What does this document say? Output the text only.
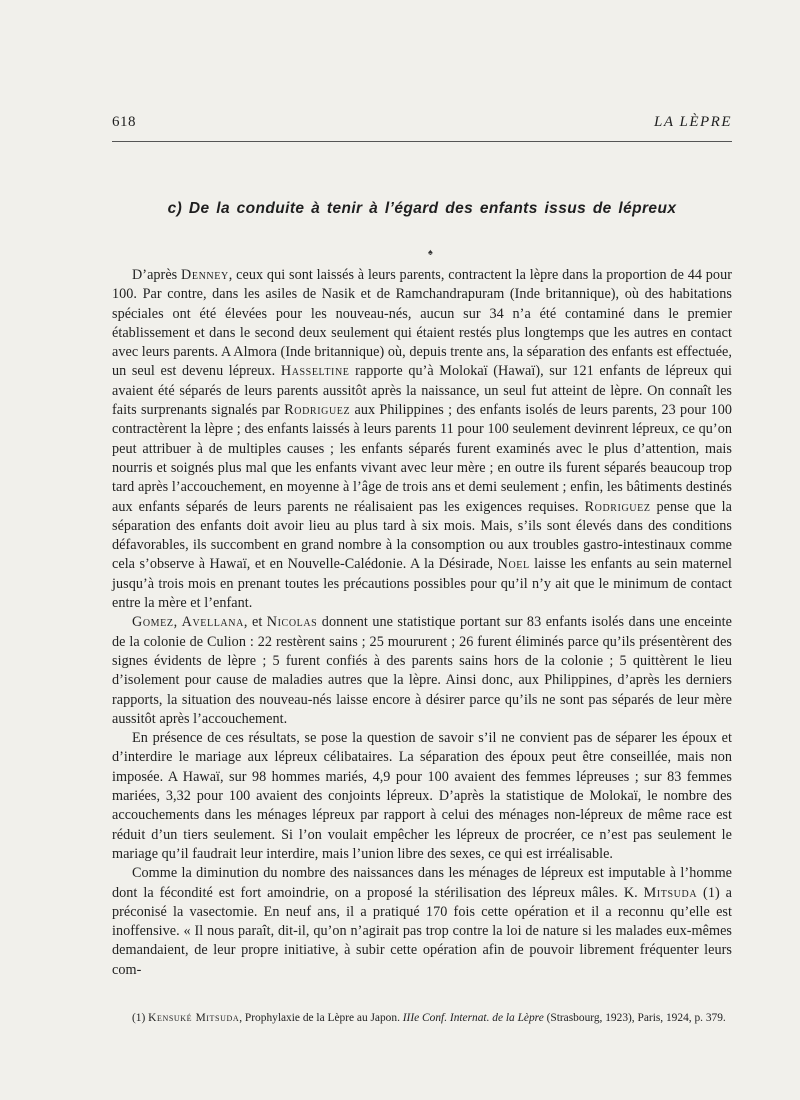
618	LA LÈPRE
c) De la conduite à tenir à l’égard des enfants issus de lépreux
♠

D’après Denney, ceux qui sont laissés à leurs parents, contractent la lèpre dans la proportion de 44 pour 100. Par contre, dans les asiles de Nasik et de Ramchandrapuram (Inde britannique), où des habitations spéciales ont été élevées pour les nouveau-nés, aucun sur 34 n’a été contaminé dans le premier établissement et dans le second deux seulement qui étaient restés plus longtemps que les autres en contact avec leurs parents. A Almora (Inde britannique) où, depuis trente ans, la séparation des enfants est effectuée, un seul est devenu lépreux. Hasseltine rapporte qu’à Molokaï (Hawaï), sur 121 enfants de lépreux qui avaient été séparés de leurs parents aussitôt après la naissance, un seul fut atteint de lèpre. On connaît les faits surprenants signalés par Rodriguez aux Philippines ; des enfants isolés de leurs parents, 23 pour 100 contractèrent la lèpre ; des enfants laissés à leurs parents 11 pour 100 seulement devinrent lépreux, ce qu’on peut attribuer à de multiples causes ; les enfants séparés furent examinés avec le plus d’attention, mais nourris et soignés plus mal que les enfants vivant avec leur mère ; en outre ils furent séparés beaucoup trop tard après l’accouchement, en moyenne à l’âge de trois ans et demi seulement ; enfin, les bâtiments destinés aux enfants séparés de leurs parents ne réalisaient pas les exigences requises. Rodriguez pense que la séparation des enfants doit avoir lieu au plus tard à six mois. Mais, s’ils sont élevés dans des conditions défavorables, ils succombent en grand nombre à la consomption ou aux troubles gastro-intestinaux comme cela s’observe à Hawaï, et en Nouvelle-Calédonie. A la Désirade, Noel laisse les enfants au sein maternel jusqu’à trois mois en prenant toutes les précautions possibles pour qu’il n’y ait que le minimum de contact entre la mère et l’enfant.

Gomez, Avellana, et Nicolas donnent une statistique portant sur 83 enfants isolés dans une enceinte de la colonie de Culion : 22 restèrent sains ; 25 moururent ; 26 furent éliminés parce qu’ils présentèrent des signes évidents de lèpre ; 5 furent confiés à des parents sains hors de la colonie ; 5 quittèrent le lieu d’isolement pour cause de maladies autres que la lèpre. Ainsi donc, aux Philippines, d’après les derniers rapports, la situation des nouveau-nés laisse encore à désirer parce qu’ils ne sont pas séparés de leur mère aussitôt après l’accouchement.

En présence de ces résultats, se pose la question de savoir s’il ne convient pas de séparer les époux et d’interdire le mariage aux lépreux célibataires. La séparation des époux peut être conseillée, mais non imposée. A Hawaï, sur 98 hommes mariés, 4,9 pour 100 avaient des femmes lépreuses ; sur 83 femmes mariées, 3,32 pour 100 avaient des conjoints lépreux. D’après la statistique de Molokaï, le nombre des accouchements dans les ménages lépreux par rapport à celui des ménages non-lépreux de même race est réduit d’un tiers seulement. Si l’on voulait empêcher les lépreux de procréer, ce n’est pas seulement le mariage qu’il faudrait leur interdire, mais l’union libre des sexes, ce qui est irréalisable.

Comme la diminution du nombre des naissances dans les ménages de lépreux est imputable à l’homme dont la fécondité est fort amoindrie, on a proposé la stérilisation des lépreux mâles. K. Mitsuda (1) a préconisé la vasectomie. En neuf ans, il a pratiqué 170 fois cette opération et il a reconnu qu’elle est inoffensive. « Il nous paraît, dit-il, qu’on n’agirait pas trop contre la loi de nature si les malades eux-mêmes demandaient, de leur propre initiative, à subir cette opération afin de pouvoir librement fréquenter leurs com-

(1) Kensuké Mitsuda, Prophylaxie de la Lèpre au Japon. IIIe Conf. Internat. de la Lèpre (Strasbourg, 1923), Paris, 1924, p. 379.
